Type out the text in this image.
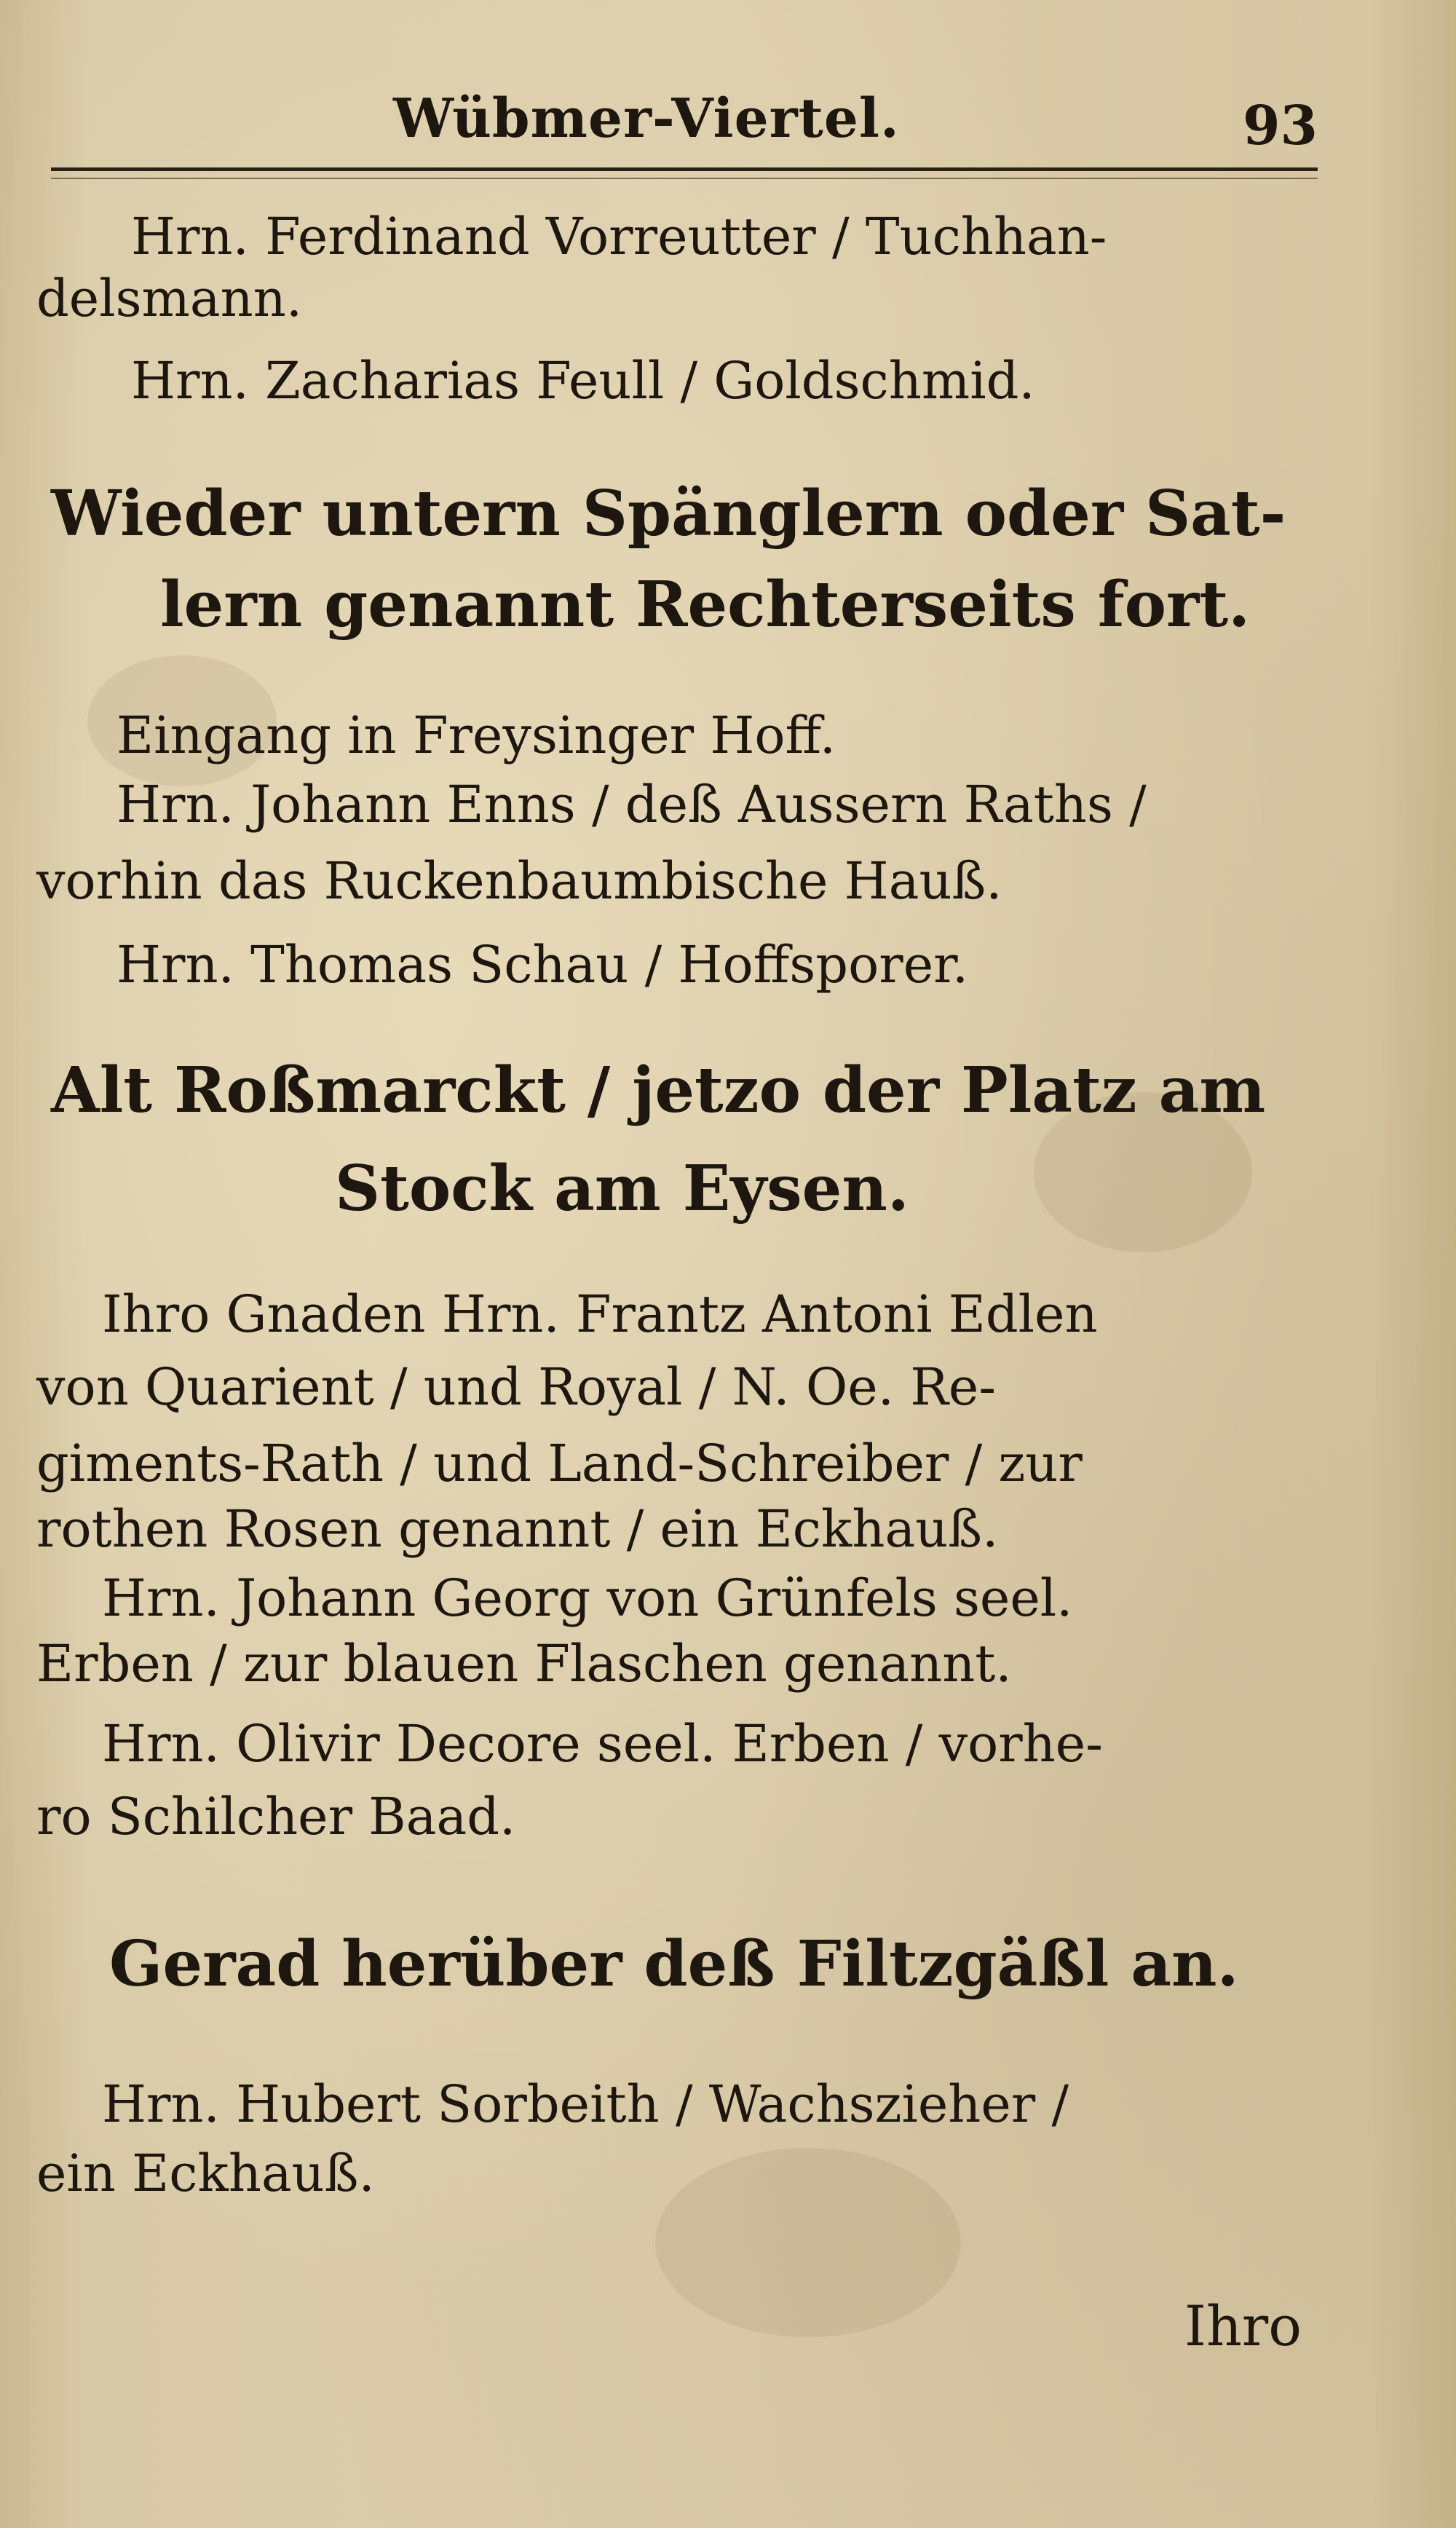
Wübmer-Viertel.	93
Hrn. Ferdinand Vorreutter / Tuchhan-
delsmann.
Hrn. Zacharias Feull / Goldschmid.
Wieder untern Spänglern oder Sat-
lern genannt Rechterseits fort.
Eingang in Freysinger Hoff.
Hrn. Johann Enns / deß Aussern Raths /
vorhin das Ruckenbaumbische Hauß.
Hrn. Thomas Schau / Hoffsporer.
Alt Roßmarckt / jetzo der Platz am
Stock am Eysen.
Ihro Gnaden Hrn. Frantz Antoni Edlen
von Quarient / und Royal / N. Oe. Re-
giments-Rath / und Land-Schreiber / zur
rothen Rosen genannt / ein Eckhauß.
Hrn. Johann Georg von Grünfels seel.
Erben / zur blauen Flaschen genannt.
Hrn. Olivir Decore seel. Erben / vorhe-
ro Schilcher Baad.
Gerad herüber deß Filtzgäßl an.
Hrn. Hubert Sorbeith / Wachszieher /
ein Eckhauß.
Ihro
